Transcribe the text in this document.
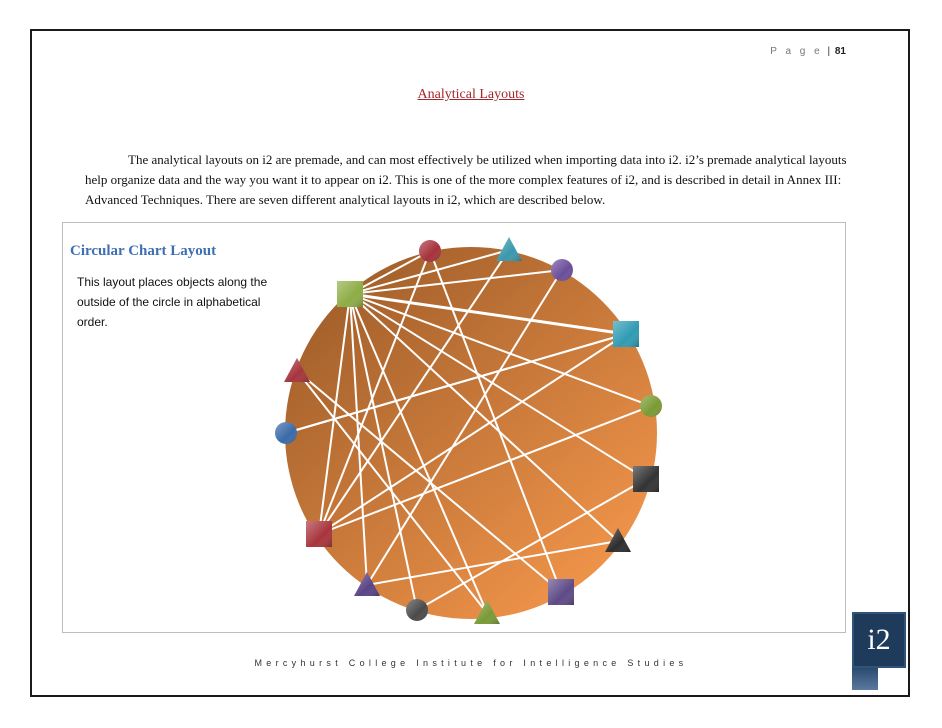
P a g e | 81
Analytical Layouts

The analytical layouts on i2 are premade, and can most effectively be utilized when importing data into i2. i2’s premade analytical layouts help organize data and the way you want it to appear on i2. This is one of the more complex features of i2, and is described in detail in Annex III: Advanced Techniques. There are seven different analytical layouts in i2, which are described below.

Circular Chart Layout
This layout places objects along the outside of the circle in alphabetical order.
Mercyhurst College Institute for Intelligence Studies
i2
